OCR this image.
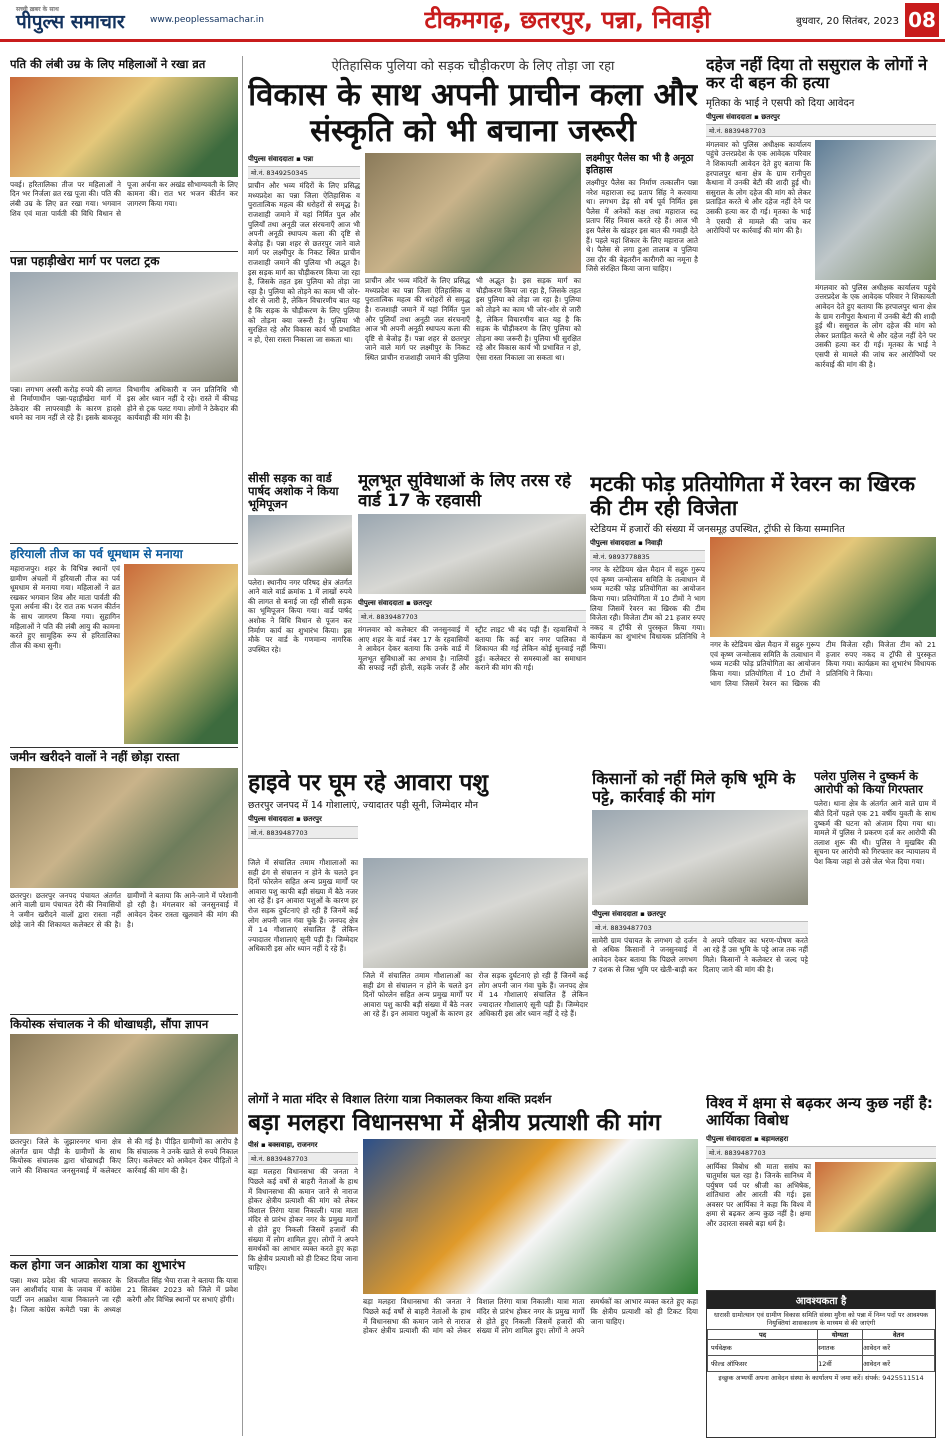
सच्ची ख़बर के साथ
पीपुल्स समाचार	www.peoplessamachar.in	टीकमगढ़, छतरपुर, पन्ना, निवाड़ी	बुधवार, 20 सितंबर, 2023 08
पति की लंबी उम्र के लिए महिलाओं ने रखा व्रत
पवई। हरितालिका तीज पर महिलाओं ने दिन भर निर्जला व्रत रख पूजा की। पति की लंबी उम्र के लिए व्रत रखा गया। भगवान शिव एवं माता पार्वती की विधि विधान से पूजा अर्चना कर अखंड सौभाग्यवती के लिए कामना की। रात भर भजन कीर्तन कर जागरण किया गया।
पन्ना पहाड़ीखेरा मार्ग पर पलटा ट्रक
पन्ना। लगभग अस्सी करोड़ रुपये की लागत से निर्माणाधीन पन्ना-पहाड़ीखेरा मार्ग में ठेकेदार की लापरवाही के कारण हादसे थमने का नाम नहीं ले रहे हैं। इसके बावजूद विभागीय अधिकारी व जन प्रतिनिधि भी इस ओर ध्यान नहीं दे रहे। रास्ते में कीचड़ होने से ट्रक पलट गया। लोगों ने ठेकेदार की कार्यवाही की मांग की है।
हरियाली तीज का पर्व धूमधाम से मनाया
महाराजपुर। शहर के विभिन्न स्थानों एवं ग्रामीण अंचलों में हरियाली तीज का पर्व धूमधाम से मनाया गया। महिलाओं ने व्रत रखकर भगवान शिव और माता पार्वती की पूजा अर्चना की। देर रात तक भजन कीर्तन के साथ जागरण किया गया। सुहागिन महिलाओं ने पति की लंबी आयु की कामना करते हुए सामूहिक रूप से हरितालिका तीज की कथा सुनी।
जमीन खरीदने वालों ने नहीं छोड़ा रास्ता
छतरपुर। छतरपुर जनपद पंचायत अंतर्गत आने वाली ग्राम पंचायत देरी की निवासियों ने जमीन खरीदने वालों द्वारा रास्ता नहीं छोड़े जाने की शिकायत कलेक्टर से की है। ग्रामीणों ने बताया कि आने-जाने में परेशानी हो रही है। मंगलवार को जनसुनवाई में आवेदन देकर रास्ता खुलवाने की मांग की है।
कियोस्क संचालक ने की धोखाधड़ी, सौंपा ज्ञापन
छतरपुर। जिले के जुझारनगर थाना क्षेत्र अंतर्गत ग्राम पौड़ी के ग्रामीणों के साथ कियोस्क संचालक द्वारा धोखाधड़ी किए जाने की शिकायत जनसुनवाई में कलेक्टर से की गई है। पीड़ित ग्रामीणों का आरोप है कि संचालक ने उनके खाते से रुपये निकाल लिए। कलेक्टर को आवेदन देकर पीड़ितों ने कार्रवाई की मांग की है।
कल होगा जन आक्रोश यात्रा का शुभारंभ
पन्ना। मध्य प्रदेश की भाजपा सरकार के जन आशीर्वाद यात्रा के जवाब में कांग्रेस पार्टी जन आक्रोश यात्रा निकालने जा रही है। जिला कांग्रेस कमेटी पन्ना के अध्यक्ष शिवजीत सिंह भैया राजा ने बताया कि यात्रा 21 सितंबर 2023 को जिले में प्रवेश करेगी और विभिन्न स्थानों पर सभाएं होंगी।
ऐतिहासिक पुलिया को सड़क चौड़ीकरण के लिए तोड़ा जा रहा
विकास के साथ अपनी प्राचीन कला और संस्कृति को भी बचाना जरूरी
पीपुल्स संवाददाता ▪ पन्ना
मो.नं. 8349250345
प्राचीन और भव्य मंदिरों के लिए प्रसिद्ध मध्यप्रदेश का पन्ना जिला ऐतिहासिक व पुरातात्विक महत्व की धरोहरों से समृद्ध है। राजशाही जमाने में यहां निर्मित पुल और पुलियाँ तथा अनूठी जल संरचनाएँ आज भी अपनी अनूठी स्थापत्य कला की दृष्टि से बेजोड़ हैं। पन्ना शहर से छतरपुर जाने वाले मार्ग पर लक्ष्मीपुर के निकट स्थित प्राचीन राजशाही जमाने की पुलिया भी अद्भुत है। इस सड़क मार्ग का चौड़ीकरण किया जा रहा है, जिसके तहत इस पुलिया को तोड़ा जा रहा है। पुलिया को तोड़ने का काम भी जोर-शोर से जारी है, लेकिन विचारणीय बात यह है कि सड़क के चौड़ीकरण के लिए पुलिया को तोड़ना क्या जरूरी है। पुलिया भी सुरक्षित रहे और विकास कार्य भी प्रभावित न हो, ऐसा रास्ता निकाला जा सकता था।
प्राचीन और भव्य मंदिरों के लिए प्रसिद्ध मध्यप्रदेश का पन्ना जिला ऐतिहासिक व पुरातात्विक महत्व की धरोहरों से समृद्ध है। राजशाही जमाने में यहां निर्मित पुल और पुलियाँ तथा अनूठी जल संरचनाएँ आज भी अपनी अनूठी स्थापत्य कला की दृष्टि से बेजोड़ हैं। पन्ना शहर से छतरपुर जाने वाले मार्ग पर लक्ष्मीपुर के निकट स्थित प्राचीन राजशाही जमाने की पुलिया भी अद्भुत है। इस सड़क मार्ग का चौड़ीकरण किया जा रहा है, जिसके तहत इस पुलिया को तोड़ा जा रहा है। पुलिया को तोड़ने का काम भी जोर-शोर से जारी है, लेकिन विचारणीय बात यह है कि सड़क के चौड़ीकरण के लिए पुलिया को तोड़ना क्या जरूरी है। पुलिया भी सुरक्षित रहे और विकास कार्य भी प्रभावित न हो, ऐसा रास्ता निकाला जा सकता था।
लक्ष्मीपुर पैलेस का भी है अनूठा इतिहास
लक्ष्मीपुर पैलेस का निर्माण तत्कालीन पन्ना नरेश महाराजा रुद्र प्रताप सिंह ने करवाया था। लगभग डेढ़ सौ वर्ष पूर्व निर्मित इस पैलेस में अनेकों कक्ष तथा महाराज रुद्र प्रताप सिंह निवास करते रहे हैं। आज भी इस पैलेस के खंडहर इस बात की गवाही देते हैं। पहले यहां शिकार के लिए महाराज आते थे। पैलेस से लगा हुआ तालाब व पुलिया उस दौर की बेहतरीन कारीगरी का नमूना है जिसे संरक्षित किया जाना चाहिए।
सीसी सड़क का वार्ड पार्षद अशोक ने किया भूमिपूजन
पलेरा। स्थानीय नगर परिषद क्षेत्र अंतर्गत आने वाले वार्ड क्रमांक 1 में लाखों रुपये की लागत से बनाई जा रही सीसी सड़क का भूमिपूजन किया गया। वार्ड पार्षद अशोक ने विधि विधान से पूजन कर निर्माण कार्य का शुभारंभ किया। इस मौके पर वार्ड के गणमान्य नागरिक उपस्थित रहे।
मूलभूत सुविधाओं के लिए तरस रहे वार्ड 17 के रहवासी
पीपुल्स संवाददाता ▪ छतरपुर
मो.नं. 8839487703
मंगलवार को कलेक्टर की जनसुनवाई में आए शहर के वार्ड नंबर 17 के रहवासियों ने आवेदन देकर बताया कि उनके वार्ड में मूलभूत सुविधाओं का अभाव है। नालियों की सफाई नहीं होती, सड़कें जर्जर हैं और स्ट्रीट लाइट भी बंद पड़ी हैं। रहवासियों ने बताया कि कई बार नगर पालिका में शिकायत की गई लेकिन कोई सुनवाई नहीं हुई। कलेक्टर से समस्याओं का समाधान कराने की मांग की गई।
दहेज नहीं दिया तो ससुराल के लोगों ने कर दी बहन की हत्या
मृतिका के भाई ने एसपी को दिया आवेदन
पीपुल्स संवाददाता ▪ छतरपुर
मो.नं. 8839487703
मंगलवार को पुलिस अधीक्षक कार्यालय पहुंचे उत्तरप्रदेश के एक आवेदक परिवार ने शिकायती आवेदन देते हुए बताया कि हरपालपुर थाना क्षेत्र के ग्राम रानीपुरा कैथाना में उनकी बेटी की शादी हुई थी। ससुराल के लोग दहेज की मांग को लेकर प्रताड़ित करते थे और दहेज नहीं देने पर उसकी हत्या कर दी गई। मृतका के भाई ने एसपी से मामले की जांच कर आरोपियों पर कार्रवाई की मांग की है।
मंगलवार को पुलिस अधीक्षक कार्यालय पहुंचे उत्तरप्रदेश के एक आवेदक परिवार ने शिकायती आवेदन देते हुए बताया कि हरपालपुर थाना क्षेत्र के ग्राम रानीपुरा कैथाना में उनकी बेटी की शादी हुई थी। ससुराल के लोग दहेज की मांग को लेकर प्रताड़ित करते थे और दहेज नहीं देने पर उसकी हत्या कर दी गई। मृतका के भाई ने एसपी से मामले की जांच कर आरोपियों पर कार्रवाई की मांग की है।
मटकी फोड़ प्रतियोगिता में रेवरन का खिरक की टीम रही विजेता
स्टेडियम में हजारों की संख्या में जनसमूह उपस्थित, ट्रॉफी से किया सम्मानित
पीपुल्स संवाददाता ▪ निवाड़ी
मो.नं. 9893778835
नगर के स्टेडियम खेल मैदान में सद्गुरु गुरूप एवं कृष्ण जन्मोत्सव समिति के तत्वाधान में भव्य मटकी फोड़ प्रतियोगिता का आयोजन किया गया। प्रतियोगिता में 10 टीमों ने भाग लिया जिसमें रेवरन का खिरक की टीम विजेता रही। विजेता टीम को 21 हजार रुपए नकद व ट्रॉफी से पुरस्कृत किया गया। कार्यक्रम का शुभारंभ विधायक प्रतिनिधि ने किया।	नगर के स्टेडियम खेल मैदान में सद्गुरु गुरूप एवं कृष्ण जन्मोत्सव समिति के तत्वाधान में भव्य मटकी फोड़ प्रतियोगिता का आयोजन किया गया। प्रतियोगिता में 10 टीमों ने भाग लिया जिसमें रेवरन का खिरक की टीम विजेता रही। विजेता टीम को 21 हजार रुपए नकद व ट्रॉफी से पुरस्कृत किया गया। कार्यक्रम का शुभारंभ विधायक प्रतिनिधि ने किया।
हाइवे पर घूम रहे आवारा पशु
छतरपुर जनपद में 14 गोशालाएं, ज्यादातर पड़ी सूनी, जिम्मेदार मौन
पीपुल्स संवाददाता ▪ छतरपुर
मो.नं. 8839487703
जिले में संचालित तमाम गौशालाओं का सही ढंग से संचालन न होने के चलते इन दिनों फोरलेन सहित अन्य प्रमुख मार्गों पर आवारा पशु काफी बड़ी संख्या में बैठे नजर आ रहे हैं। इन आवारा पशुओं के कारण हर रोज सड़क दुर्घटनाएं हो रही हैं जिनमें कई लोग अपनी जान गंवा चुके हैं। जनपद क्षेत्र में 14 गौशालाएं संचालित हैं लेकिन ज्यादातर गौशालाएं सूनी पड़ी हैं। जिम्मेदार अधिकारी इस ओर ध्यान नहीं दे रहे हैं।
जिले में संचालित तमाम गौशालाओं का सही ढंग से संचालन न होने के चलते इन दिनों फोरलेन सहित अन्य प्रमुख मार्गों पर आवारा पशु काफी बड़ी संख्या में बैठे नजर आ रहे हैं। इन आवारा पशुओं के कारण हर रोज सड़क दुर्घटनाएं हो रही हैं जिनमें कई लोग अपनी जान गंवा चुके हैं। जनपद क्षेत्र में 14 गौशालाएं संचालित हैं लेकिन ज्यादातर गौशालाएं सूनी पड़ी हैं। जिम्मेदार अधिकारी इस ओर ध्यान नहीं दे रहे हैं।
किसानों को नहीं मिले कृषि भूमि के पट्टे, कार्रवाई की मांग
पीपुल्स संवाददाता ▪ छतरपुर
मो.नं. 8839487703
सामेरी ग्राम पंचायत के लगभग दो दर्जन से अधिक किसानों ने जनसुनवाई में आवेदन देकर बताया कि पिछले लगभग 7 दशक से जिस भूमि पर खेती-बाड़ी कर वे अपने परिवार का भरण-पोषण करते आ रहे हैं उस भूमि के पट्टे आज तक नहीं मिले। किसानों ने कलेक्टर से जल्द पट्टे दिलाए जाने की मांग की है।
पलेरा पुलिस ने दुष्कर्म के आरोपी को किया गिरफ्तार
पलेरा। थाना क्षेत्र के अंतर्गत आने वाले ग्राम में बीते दिनों पहले एक 21 वर्षीय युवती के साथ दुष्कर्म की घटना को अंजाम दिया गया था। मामले में पुलिस ने प्रकरण दर्ज कर आरोपी की तलाश शुरू की थी। पुलिस ने मुखबिर की सूचना पर आरोपी को गिरफ्तार कर न्यायालय में पेश किया जहां से उसे जेल भेज दिया गया।
लोगों ने माता मंदिर से विशाल तिरंगा यात्रा निकालकर किया शक्ति प्रदर्शन
बड़ा मलहरा विधानसभा में क्षेत्रीय प्रत्याशी की मांग
पीसं ▪ बक्सवाहा, राजनगर
मो.नं. 8839487703
बड़ा मलहरा विधानसभा की जनता ने पिछले कई वर्षों से बाहरी नेताओं के हाथ में विधानसभा की कमान जाने से नाराज होकर क्षेत्रीय प्रत्याशी की मांग को लेकर विशाल तिरंगा यात्रा निकाली। यात्रा माता मंदिर से प्रारंभ होकर नगर के प्रमुख मार्गों से होते हुए निकली जिसमें हजारों की संख्या में लोग शामिल हुए। लोगों ने अपने समर्थकों का आभार व्यक्त करते हुए कहा कि क्षेत्रीय प्रत्याशी को ही टिकट दिया जाना चाहिए।
बड़ा मलहरा विधानसभा की जनता ने पिछले कई वर्षों से बाहरी नेताओं के हाथ में विधानसभा की कमान जाने से नाराज होकर क्षेत्रीय प्रत्याशी की मांग को लेकर विशाल तिरंगा यात्रा निकाली। यात्रा माता मंदिर से प्रारंभ होकर नगर के प्रमुख मार्गों से होते हुए निकली जिसमें हजारों की संख्या में लोग शामिल हुए। लोगों ने अपने समर्थकों का आभार व्यक्त करते हुए कहा कि क्षेत्रीय प्रत्याशी को ही टिकट दिया जाना चाहिए।
विश्व में क्षमा से बढ़कर अन्य कुछ नहीं है: आर्यिका विबोध
पीपुल्स संवाददाता ▪ बड़ामलहरा
मो.नं. 8839487703
आर्यिका विबोध श्री माता ससंघ का चातुर्मास चल रहा है। जिनके सानिध्य में पर्युषण पर्व पर श्रीजी का अभिषेक, शांतिधारा और आरती की गई। इस अवसर पर आर्यिका ने कहा कि विश्व में क्षमा से बढ़कर अन्य कुछ नहीं है। क्षमा और उदारता सबसे बड़ा धर्म है।
आवश्यकता है
धारासी ग्रामोत्थान एवं ग्रामीण विकास समिति संस्था मुरैना को पन्ना में निम्न पदों पर आवश्यक नियुक्तियां शासकालय के माध्यम से की जाएंगी
पद	योग्यता	वेतन
पर्यवेक्षक	स्नातक	आवेदन करें
फील्ड ऑफिसर	12वीं	आवेदन करें
इच्छुक अभ्यर्थी अपना आवेदन संस्था के कार्यालय में जमा करें। संपर्क: 9425511514
